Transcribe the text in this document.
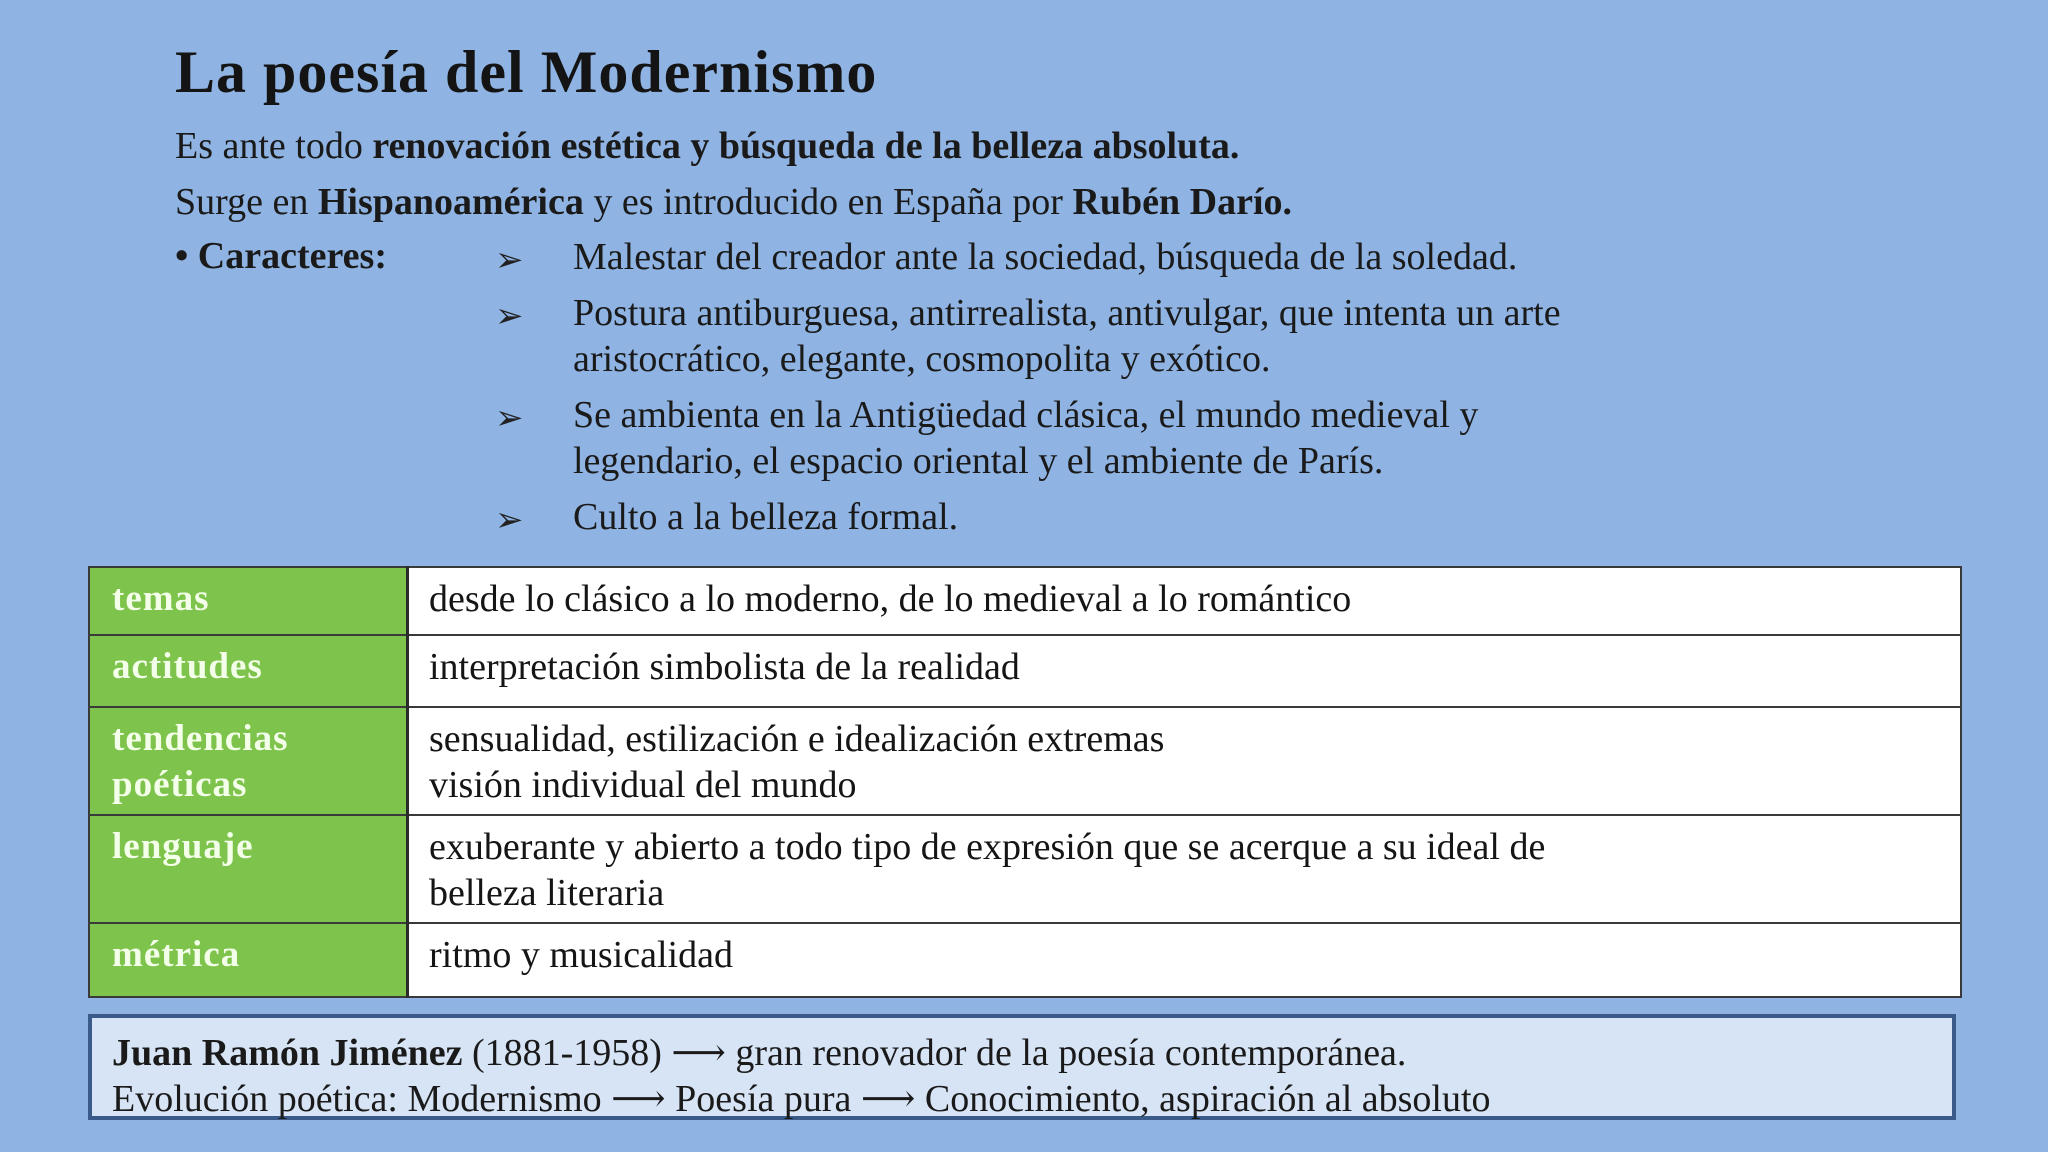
La poesía del Modernismo
Es ante todo renovación estética y búsqueda de la belleza absoluta.
Surge en Hispanoamérica y es introducido en España por Rubén Darío.
• Caracteres:	➢ Malestar del creador ante la sociedad, búsqueda de la soledad.
➢ Postura antiburguesa, antirrealista, antivulgar, que intenta un arte
aristocrático, elegante, cosmopolita y exótico.
➢ Se ambienta en la Antigüedad clásica, el mundo medieval y
legendario, el espacio oriental y el ambiente de París.
➢ Culto a la belleza formal.
temas	desde lo clásico a lo moderno, de lo medieval a lo romántico
actitudes	interpretación simbolista de la realidad
tendencias poéticas	sensualidad, estilización e idealización extremas
visión individual del mundo

lenguaje	exuberante y abierto a todo tipo de expresión que se acerque a su ideal de
belleza literaria

métrica	ritmo y musicalidad
Juan Ramón Jiménez (1881-1958) ⟶ gran renovador de la poesía contemporánea.
Evolución poética: Modernismo ⟶ Poesía pura ⟶ Conocimiento, aspiración al absoluto
